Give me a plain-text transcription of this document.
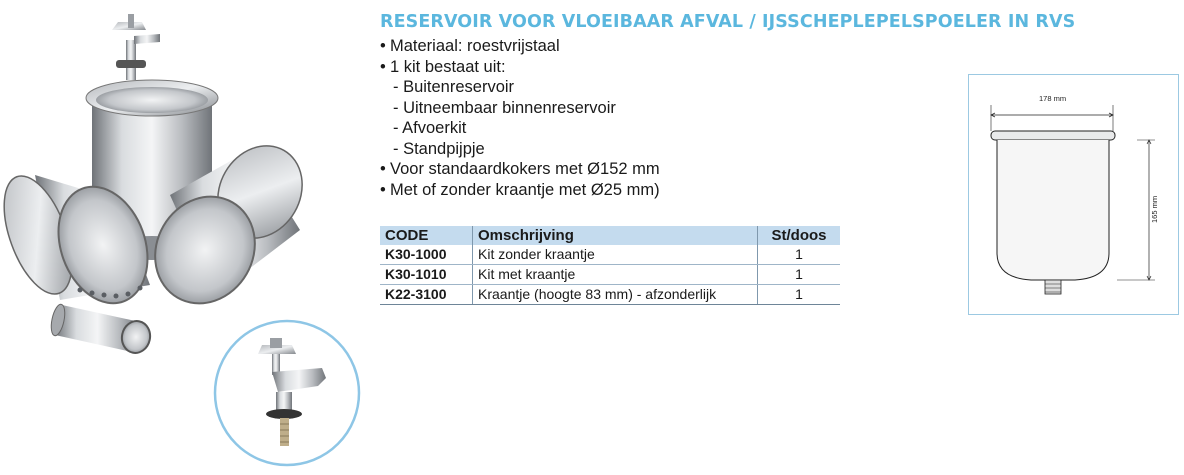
RESERVOIR VOOR VLOEIBAAR AFVAL / IJSSCHEPLEPELSPOELER IN RVS
• Materiaal: roestvrijstaal
• 1 kit bestaat uit:
- Buitenreservoir
- Uitneembaar binnenreservoir
- Afvoerkit
- Standpijpje
• Voor standaardkokers met Ø152 mm
• Met of zonder kraantje met Ø25 mm)
CODE	Omschrijving	St/doos
K30-1000	Kit zonder kraantje	1
K30-1010	Kit met kraantje	1
K22-3100	Kraantje (hoogte 83 mm) - afzonderlijk	1
178 mm
165 mm
